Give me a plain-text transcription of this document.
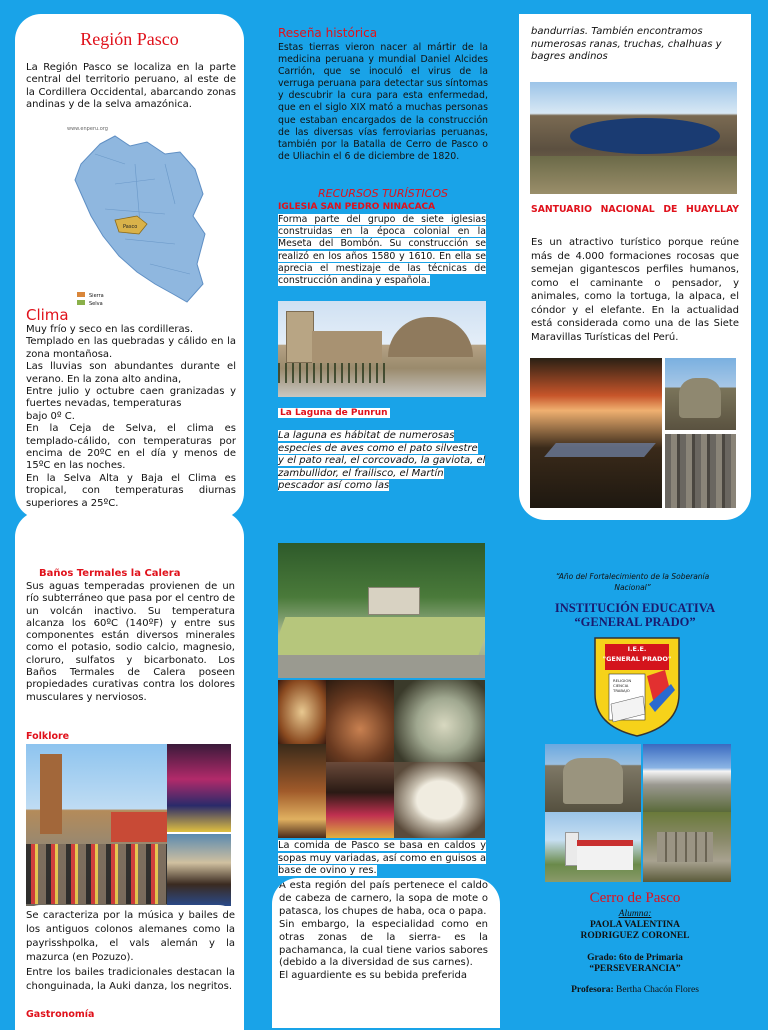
Región Pasco

La Región Pasco se localiza en la parte central del territorio peruano, al este de la Cordillera Occidental, abarcando zonas andinas y de la selva amazónica.

www.enperu.org
Pasco
Sierra
Selva
Clima

Muy frío y seco en las cordilleras.

Templado en las quebradas y cálido en la zona montañosa.

Las lluvias son abundantes durante el verano. En la zona alto andina,

Entre julio y octubre caen granizadas y fuertes nevadas, temperaturas

bajo 0º C.

En la Ceja de Selva, el clima es templado-cálido, con temperaturas por encima de 20ºC en el día y menos de 15ºC en las noches.

En la Selva Alta y Baja el Clima es tropical, con temperaturas diurnas superiores a 25ºC.

Reseña histórica

Estas tierras vieron nacer al mártir de la medicina peruana y mundial Daniel Alcides Carrión, que se inoculó el virus de la verruga peruana para detectar sus síntomas y descubrir la cura para esta enfermedad, que en el siglo XIX mató a muchas personas que estaban encargados de la construcción de las diversas vías ferroviarias peruanas, también por la Batalla de Cerro de Pasco o de Uliachin el 6 de diciembre de 1820.

RECURSOS TURÍSTICOS
IGLESIA SAN PEDRO NINACACA

Forma parte del grupo de siete iglesias construidas en la época colonial en la Meseta del Bombón. Su construcción se realizó en los años 1580 y 1610. En ella se aprecia el mestizaje de las técnicas de construcción andina y española.

La Laguna de Punrun

La laguna es hábitat de numerosas especies de aves como el pato silvestre y el pato real, el corcovado, la gaviota, el zambullidor, el frailisco, el Martín pescador así como las

bandurrias. También encontramos numerosas ranas, truchas, chalhuas y bagres andinos

SANTUARIO NACIONAL DE HUAYLLAY

Es un atractivo turístico porque reúne más de 4.000 formaciones rocosas que semejan gigantescos perfiles humanos, como el caminante o pensador, y animales, como la tortuga, la alpaca, el cóndor y el elefante. En la actualidad está considerada como una de las Siete Maravillas Turísticas del Perú.

Baños Termales la Calera

Sus aguas temperadas provienen de un río subterráneo que pasa por el centro de un volcán inactivo. Su temperatura alcanza los 60ºC (140ºF) y entre sus componentes están diversos minerales como el potasio, sodio calcio, magnesio, cloruro, sulfatos y bicarbonato. Los Baños Termales de Calera poseen propiedades curativas contra los dolores musculares y nerviosos.

Folklore

Se caracteriza por la música y bailes de los antiguos colonos alemanes como la payrisshpolka, el vals alemán y la mazurca (en Pozuzo).

Entre los bailes tradicionales destacan la chonguinada, la Auki danza, los negritos.

Gastronomía

La comida de Pasco se basa en caldos y sopas muy variadas, así como en guisos a base de ovino y res.

A esta región del país pertenece el caldo de cabeza de carnero, la sopa de mote o patasca, los chupes de haba, oca o papa.

Sin embargo, la especialidad como en otras zonas de la sierra- es la pachamanca, la cual tiene varios sabores (debido a la diversidad de sus carnes).

El aguardiente es su bebida preferida

“Año del Fortalecimiento de la Soberanía Nacional”
INSTITUCIÓN EDUCATIVA
“GENERAL PRADO”
I.E.E.
"GENERAL PRADO"
RELIGION CIENCIA TRABAJO
Cerro de Pasco
Alumna:
PAOLA VALENTINA
RODRIGUEZ CORONEL
Grado: 6to de Primaria
“PERSEVERANCIA”
Profesora: Bertha Chacón Flores
